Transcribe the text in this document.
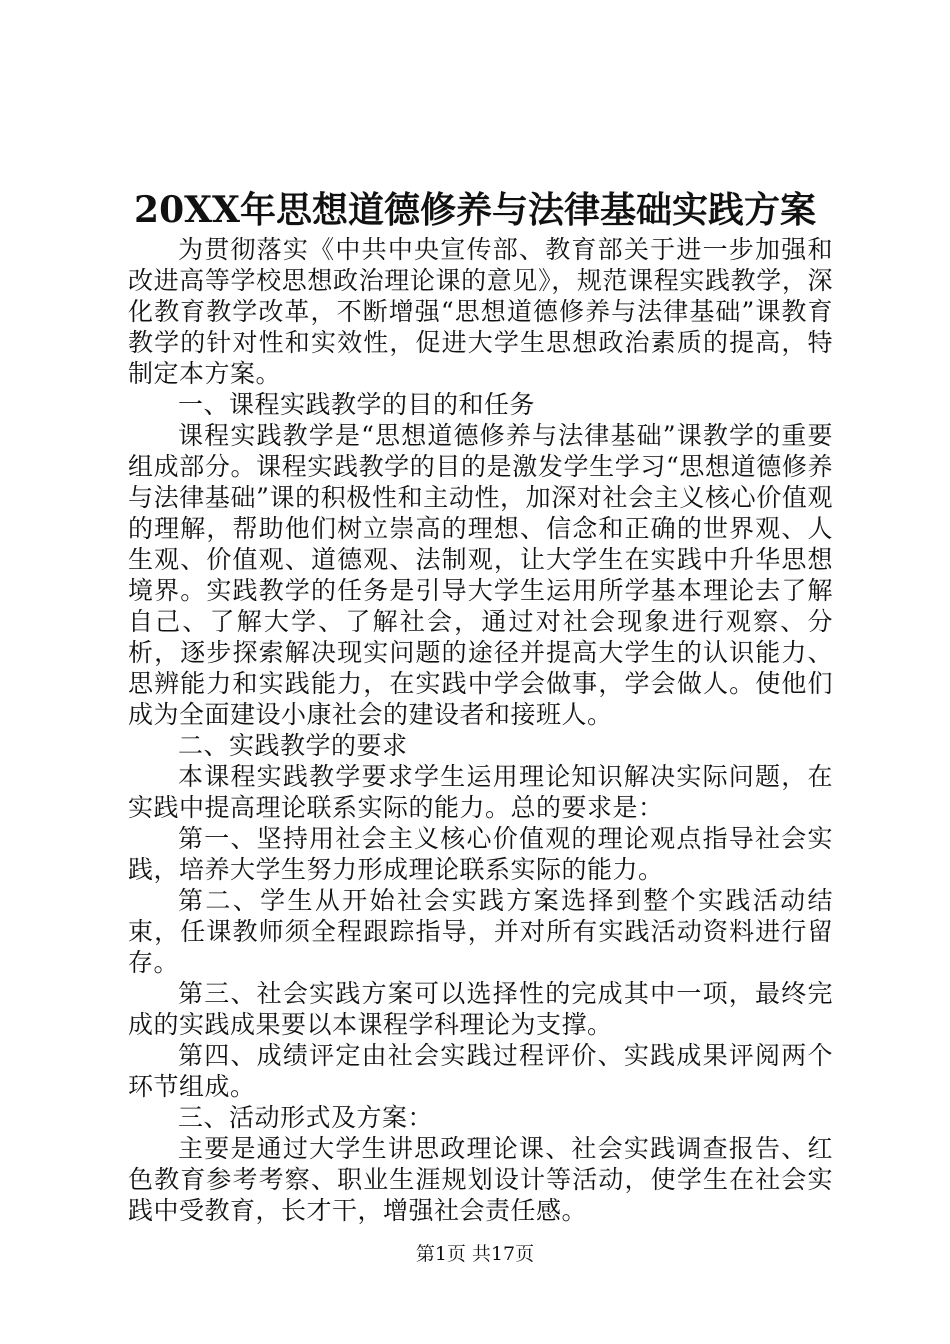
20XX年思想道德修养与法律基础实践方案

为贯彻落实《中共中央宣传部、教育部关于进一步加强和改进高等学校思想政治理论课的意见》，规范课程实践教学，深化教育教学改革，不断增强“思想道德修养与法律基础”课教育教学的针对性和实效性，促进大学生思想政治素质的提高，特制定本方案。

一、课程实践教学的目的和任务

课程实践教学是“思想道德修养与法律基础”课教学的重要组成部分。课程实践教学的目的是激发学生学习“思想道德修养与法律基础”课的积极性和主动性，加深对社会主义核心价值观的理解，帮助他们树立崇高的理想、信念和正确的世界观、人生观、价值观、道德观、法制观，让大学生在实践中升华思想境界。实践教学的任务是引导大学生运用所学基本理论去了解自己、了解大学、了解社会，通过对社会现象进行观察、分析，逐步探索解决现实问题的途径并提高大学生的认识能力、思辨能力和实践能力，在实践中学会做事，学会做人。使他们成为全面建设小康社会的建设者和接班人。

二、实践教学的要求

本课程实践教学要求学生运用理论知识解决实际问题，在实践中提高理论联系实际的能力。总的要求是：

第一、坚持用社会主义核心价值观的理论观点指导社会实践，培养大学生努力形成理论联系实际的能力。

第二、学生从开始社会实践方案选择到整个实践活动结束，任课教师须全程跟踪指导，并对所有实践活动资料进行留存。

第三、社会实践方案可以选择性的完成其中一项，最终完成的实践成果要以本课程学科理论为支撑。

第四、成绩评定由社会实践过程评价、实践成果评阅两个环节组成。

三、活动形式及方案：

主要是通过大学生讲思政理论课、社会实践调查报告、红色教育参考考察、职业生涯规划设计等活动，使学生在社会实践中受教育，长才干，增强社会责任感。

第1页 共17页
